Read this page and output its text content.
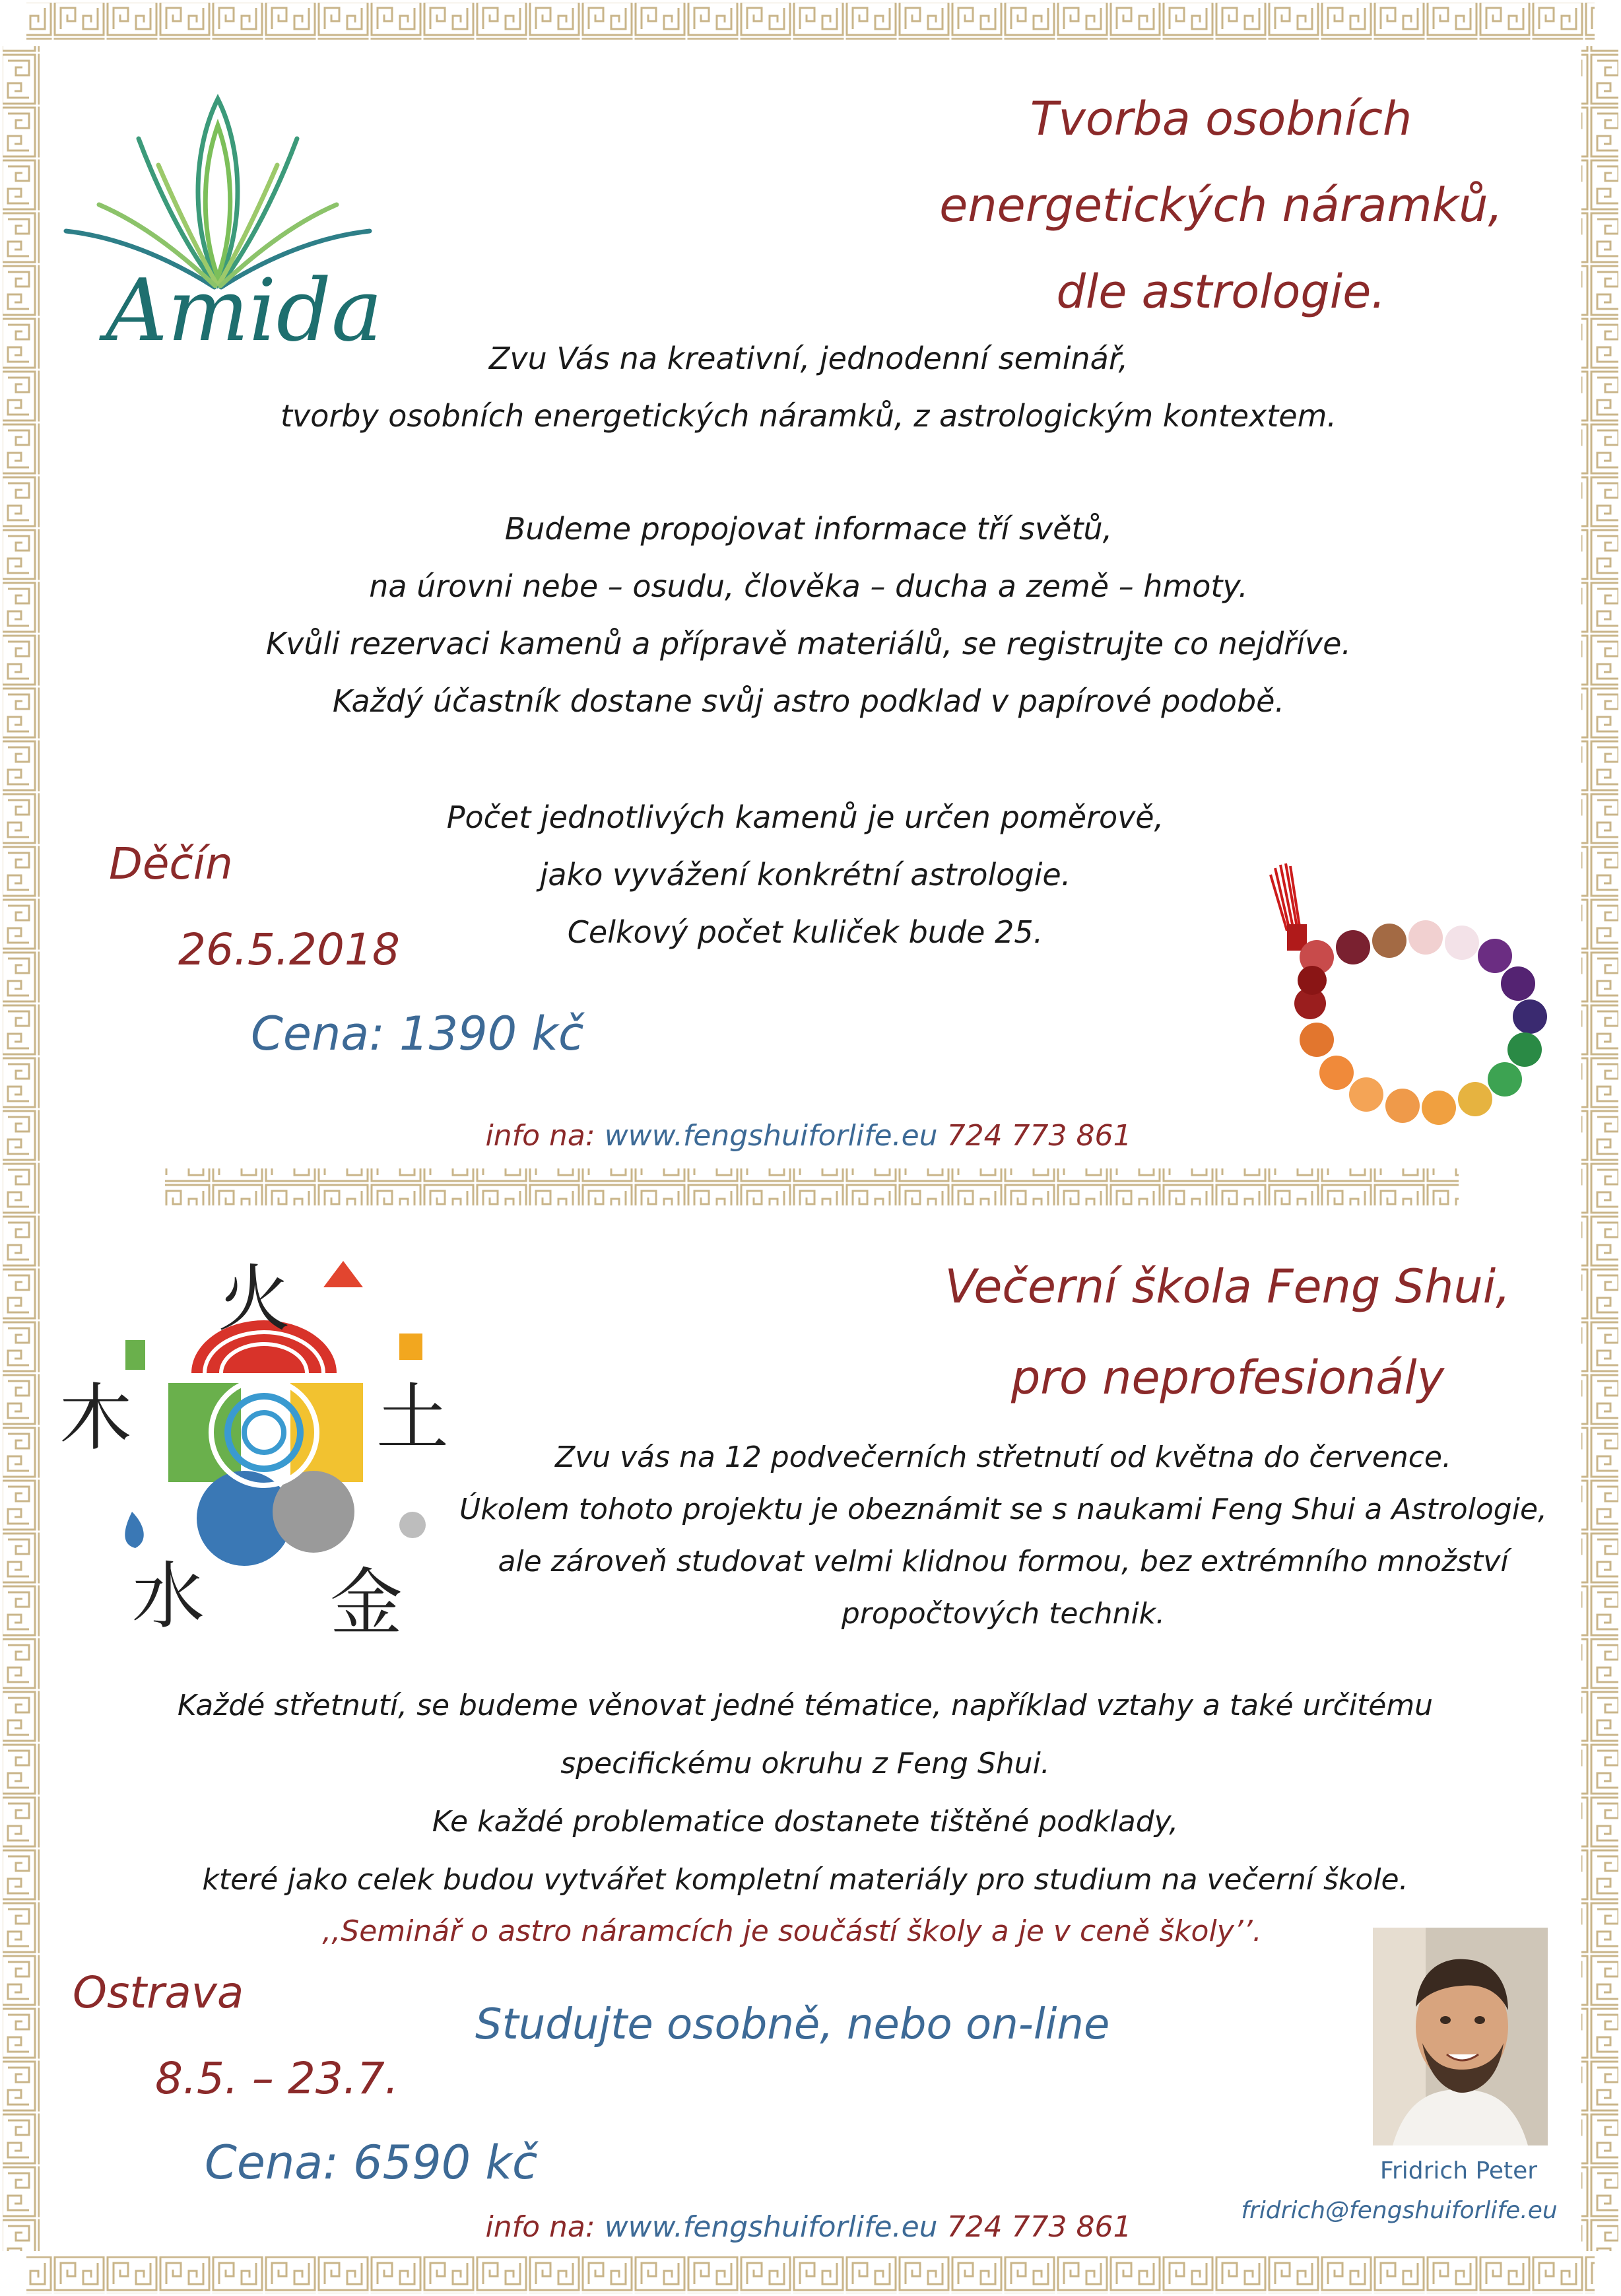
Amida
Tvorba osobních
energetických náramků,
dle astrologie.
Zvu Vás na kreativní, jednodenní seminář,
tvorby osobních energetických náramků, z astrologickým kontextem.
Budeme propojovat informace tří světů,
na úrovni nebe – osudu, člověka – ducha a země – hmoty.
Kvůli rezervaci kamenů a přípravě materiálů, se registrujte co nejdříve.
Každý účastník dostane svůj astro podklad v papírové podobě.
Počet jednotlivých kamenů je určen poměrově,
jako vyvážení konkrétní astrologie.
Celkový počet kuliček bude 25.
Děčín
26.5.2018
Cena: 1390 kč
info na: www.fengshuiforlife.eu 724 773 861
火
木	土
水 金
Večerní škola Feng Shui,
pro neprofesionály
Zvu vás na 12 podvečerních střetnutí od května do července.
Úkolem tohoto projektu je obeznámit se s naukami Feng Shui a Astrologie,
ale zároveň studovat velmi klidnou formou, bez extrémního množství
propočtových technik.
Každé střetnutí, se budeme věnovat jedné tématice, například vztahy a také určitému
specifickému okruhu z Feng Shui.
Ke každé problematice dostanete tištěné podklady,
které jako celek budou vytvářet kompletní materiály pro studium na večerní škole.
,,Seminář o astro náramcích je součástí školy a je v ceně školy’’.
Ostrava
Studujte osobně, nebo on-line
8.5. – 23.7.
Cena: 6590 kč
info na: www.fengshuiforlife.eu 724 773 861
Fridrich Peter
fridrich@fengshuiforlife.eu
